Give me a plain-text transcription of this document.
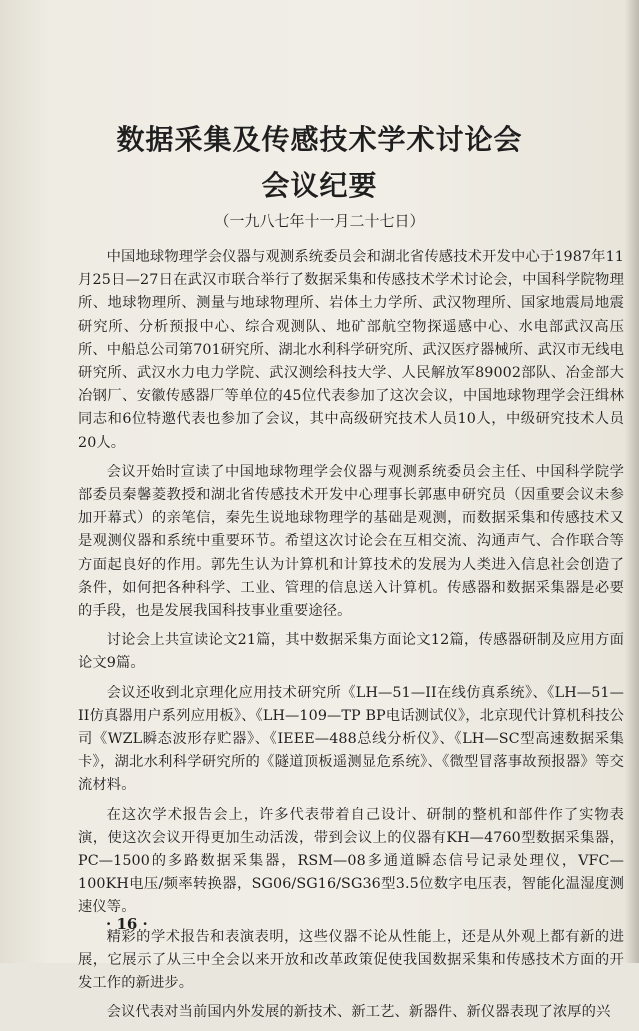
数据采集及传感技术学术讨论会
会议纪要

（一九八七年十一月二十七日）

中国地球物理学会仪器与观测系统委员会和湖北省传感技术开发中心于1987年11月25日—27日在武汉市联合举行了数据采集和传感技术学术讨论会，中国科学院物理所、地球物理所、测量与地球物理所、岩体土力学所、武汉物理所、国家地震局地震研究所、分析预报中心、综合观测队、地矿部航空物探遥感中心、水电部武汉高压所、中船总公司第701研究所、湖北水利科学研究所、武汉医疗器械所、武汉市无线电研究所、武汉水力电力学院、武汉测绘科技大学、人民解放军89002部队、冶金部大冶钢厂、安徽传感器厂等单位的45位代表参加了这次会议，中国地球物理学会汪缉林同志和6位特邀代表也参加了会议，其中高级研究技术人员10人，中级研究技术人员20人。

会议开始时宣读了中国地球物理学会仪器与观测系统委员会主任、中国科学院学部委员秦馨菱教授和湖北省传感技术开发中心理事长郭惠申研究员（因重要会议未参加开幕式）的亲笔信，秦先生说地球物理学的基础是观测，而数据采集和传感技术又是观测仪器和系统中重要环节。希望这次讨论会在互相交流、沟通声气、合作联合等方面起良好的作用。郭先生认为计算机和计算技术的发展为人类进入信息社会创造了条件，如何把各种科学、工业、管理的信息送入计算机。传感器和数据采集器是必要的手段，也是发展我国科技事业重要途径。

讨论会上共宣读论文21篇，其中数据采集方面论文12篇，传感器研制及应用方面论文9篇。

会议还收到北京理化应用技术研究所《LH—51—II在线仿真系统》、《LH—51—II仿真器用户系列应用板》、《LH—109—TP BP电话测试仪》，北京现代计算机科技公司《WZL瞬态波形存贮器》、《IEEE—488总线分析仪》、《LH—SC型高速数据采集卡》，湖北水利科学研究所的《隧道顶板遥测显危系统》、《微型冒落事故预报器》等交流材料。

在这次学术报告会上，许多代表带着自己设计、研制的整机和部件作了实物表演，使这次会议开得更加生动活泼，带到会议上的仪器有KH—4760型数据采集器，PC—1500的多路数据采集器，RSM—08多通道瞬态信号记录处理仪，VFC—100KH电压/频率转换器，SG06/SG16/SG36型3.5位数字电压表，智能化温湿度测速仪等。

精彩的学术报告和表演表明，这些仪器不论从性能上，还是从外观上都有新的进展，它展示了从三中全会以来开放和改革政策促使我国数据采集和传感技术方面的开发工作的新进步。

会议代表对当前国内外发展的新技术、新工艺、新器件、新仪器表现了浓厚的兴

· 16 ·
